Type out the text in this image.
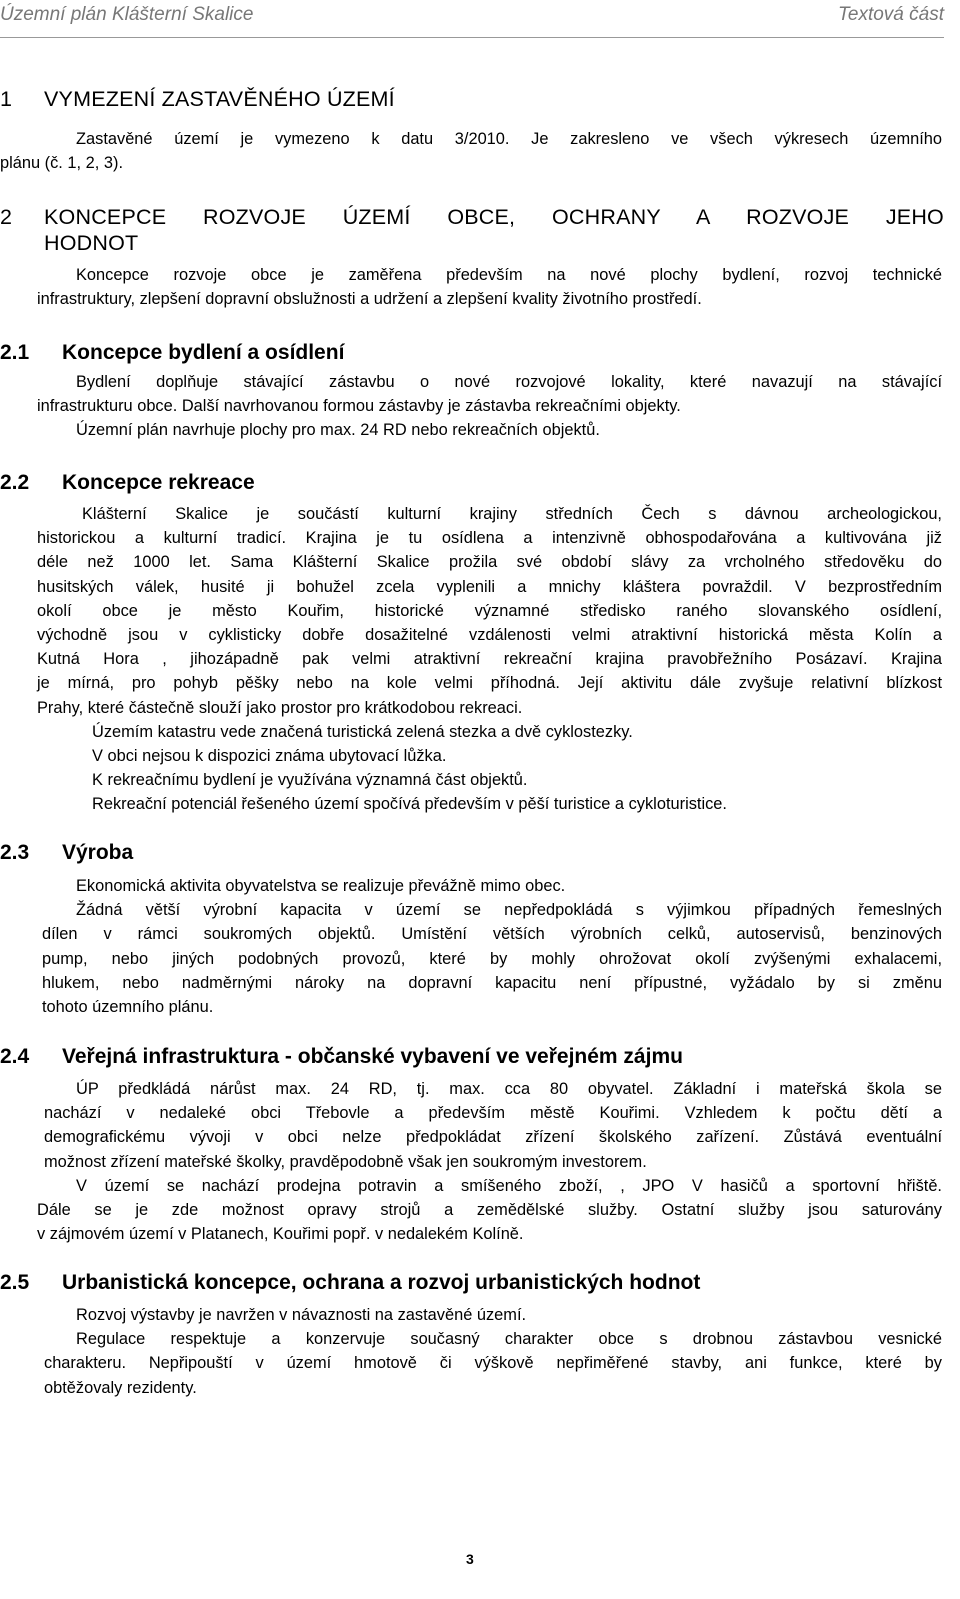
Územní plán Klášterní Skalice	Textová část
1 VYMEZENÍ ZASTAVĚNÉHO ÚZEMÍ
Zastavěné území je vymezeno k datu 3/2010. Je zakresleno ve všech výkresech územního
plánu (č. 1, 2, 3).
2 KONCEPCE ROZVOJE ÚZEMÍ OBCE, OCHRANY A ROZVOJE JEHO
HODNOT
Koncepce rozvoje obce je zaměřena především na nové plochy bydlení, rozvoj technické
infrastruktury, zlepšení dopravní obslužnosti a udržení a zlepšení kvality životního prostředí.
2.1 Koncepce bydlení a osídlení
Bydlení doplňuje stávající zástavbu o nové rozvojové lokality, které navazují na stávající
infrastrukturu obce. Další navrhovanou formou zástavby je zástavba rekreačními objekty.
Územní plán navrhuje plochy pro max. 24 RD nebo rekreačních objektů.
2.2 Koncepce rekreace
Klášterní Skalice je součástí kulturní krajiny středních Čech s dávnou archeologickou,
historickou a kulturní tradicí. Krajina je tu osídlena a intenzivně obhospodařována a kultivována již
déle než 1000 let. Sama Klášterní Skalice prožila své období slávy za vrcholného středověku do
husitských válek, husité ji bohužel zcela vyplenili a mnichy kláštera povraždil. V bezprostředním
okolí obce je město Kouřim, historické významné středisko raného slovanského osídlení,
východně jsou v cyklisticky dobře dosažitelné vzdálenosti velmi atraktivní historická města Kolín a
Kutná Hora , jihozápadně pak velmi atraktivní rekreační krajina pravobřežního Posázaví. Krajina
je mírná, pro pohyb pěšky nebo na kole velmi příhodná. Její aktivitu dále zvyšuje relativní blízkost
Prahy, které částečně slouží jako prostor pro krátkodobou rekreaci.
Územím katastru vede značená turistická zelená stezka a dvě cyklostezky.
V obci nejsou k dispozici známa ubytovací lůžka.
K rekreačnímu bydlení je využívána významná část objektů.
Rekreační potenciál řešeného území spočívá především v pěší turistice a cykloturistice.
2.3 Výroba
Ekonomická aktivita obyvatelstva se realizuje převážně mimo obec.
Žádná větší výrobní kapacita v území se nepředpokládá s výjimkou případných řemeslných
dílen v rámci soukromých objektů. Umístění větších výrobních celků, autoservisů, benzinových
pump, nebo jiných podobných provozů, které by mohly ohrožovat okolí zvýšenými exhalacemi,
hlukem, nebo nadměrnými nároky na dopravní kapacitu není přípustné, vyžádalo by si změnu
tohoto územního plánu.
2.4 Veřejná infrastruktura - občanské vybavení ve veřejném zájmu
ÚP předkládá nárůst max. 24 RD, tj. max. cca 80 obyvatel. Základní i mateřská škola se
nachází v nedaleké obci Třebovle a především městě Kouřimi. Vzhledem k počtu dětí a
demografickému vývoji v obci nelze předpokládat zřízení školského zařízení. Zůstává eventuální
možnost zřízení mateřské školky, pravděpodobně však jen soukromým investorem.
V území se nachází prodejna potravin a smíšeného zboží, , JPO V hasičů a sportovní hřiště.
Dále se je zde možnost opravy strojů a zemědělské služby. Ostatní služby jsou saturovány
v zájmovém území v Platanech, Kouřimi popř. v nedalekém Kolíně.
2.5 Urbanistická koncepce, ochrana a rozvoj urbanistických hodnot
Rozvoj výstavby je navržen v návaznosti na zastavěné území.
Regulace respektuje a konzervuje současný charakter obce s drobnou zástavbou vesnické
charakteru. Nepřipouští v území hmotově či výškově nepřiměřené stavby, ani funkce, které by
obtěžovaly rezidenty.
3
